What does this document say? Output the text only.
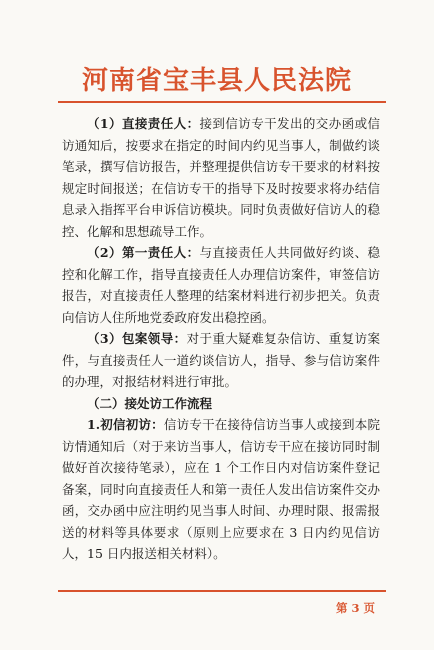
河南省宝丰县人民法院

（1）直接责任人：接到信访专干发出的交办函或信访通知后，按要求在指定的时间内约见当事人，制做约谈笔录，撰写信访报告，并整理提供信访专干要求的材料按规定时间报送；在信访专干的指导下及时按要求将办结信息录入指挥平台申诉信访模块。同时负责做好信访人的稳控、化解和思想疏导工作。

（2）第一责任人：与直接责任人共同做好约谈、稳控和化解工作，指导直接责任人办理信访案件，审签信访报告，对直接责任人整理的结案材料进行初步把关。负责向信访人住所地党委政府发出稳控函。

（3）包案领导：对于重大疑难复杂信访、重复访案件，与直接责任人一道约谈信访人，指导、参与信访案件的办理，对报结材料进行审批。

（二）接处访工作流程

1.初信初访：信访专干在接待信访当事人或接到本院访情通知后（对于来访当事人，信访专干应在接访同时制做好首次接待笔录），应在 1 个工作日内对信访案件登记备案，同时向直接责任人和第一责任人发出信访案件交办函，交办函中应注明约见当事人时间、办理时限、报需报送的材料等具体要求（原则上应要求在 3 日内约见信访人，15 日内报送相关材料）。

第 3 页
